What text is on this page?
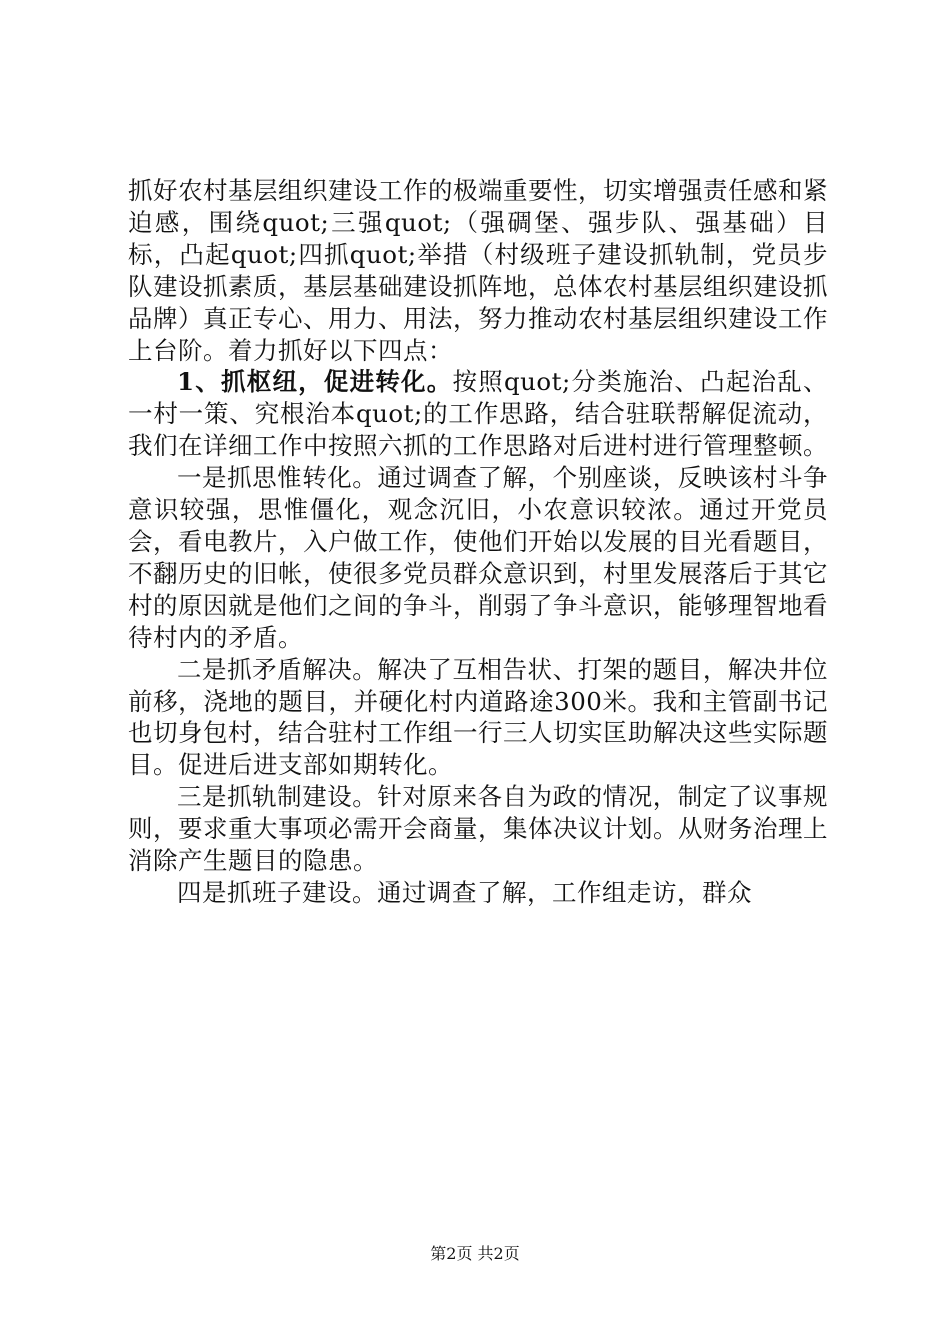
抓好农村基层组织建设工作的极端重要性，切实增强责任感和紧迫感，围绕quot;三强quot;（强碉堡、强步队、强基础）目标，凸起quot;四抓quot;举措（村级班子建设抓轨制，党员步队建设抓素质，基层基础建设抓阵地，总体农村基层组织建设抓品牌）真正专心、用力、用法，努力推动农村基层组织建设工作上台阶。着力抓好以下四点：

1、抓枢纽，促进转化。按照quot;分类施治、凸起治乱、一村一策、究根治本quot;的工作思路，结合驻联帮解促流动，我们在详细工作中按照六抓的工作思路对后进村进行管理整顿。

一是抓思惟转化。通过调查了解，个别座谈，反映该村斗争意识较强，思惟僵化，观念沉旧，小农意识较浓。通过开党员会，看电教片，入户做工作，使他们开始以发展的目光看题目，不翻历史的旧帐，使很多党员群众意识到，村里发展落后于其它村的原因就是他们之间的争斗，削弱了争斗意识，能够理智地看待村内的矛盾。

二是抓矛盾解决。解决了互相告状、打架的题目，解决井位前移，浇地的题目，并硬化村内道路途300米。我和主管副书记也切身包村，结合驻村工作组一行三人切实匡助解决这些实际题目。促进后进支部如期转化。

三是抓轨制建设。针对原来各自为政的情况，制定了议事规则，要求重大事项必需开会商量，集体决议计划。从财务治理上消除产生题目的隐患。

四是抓班子建设。通过调查了解，工作组走访，群众

第2页 共2页
